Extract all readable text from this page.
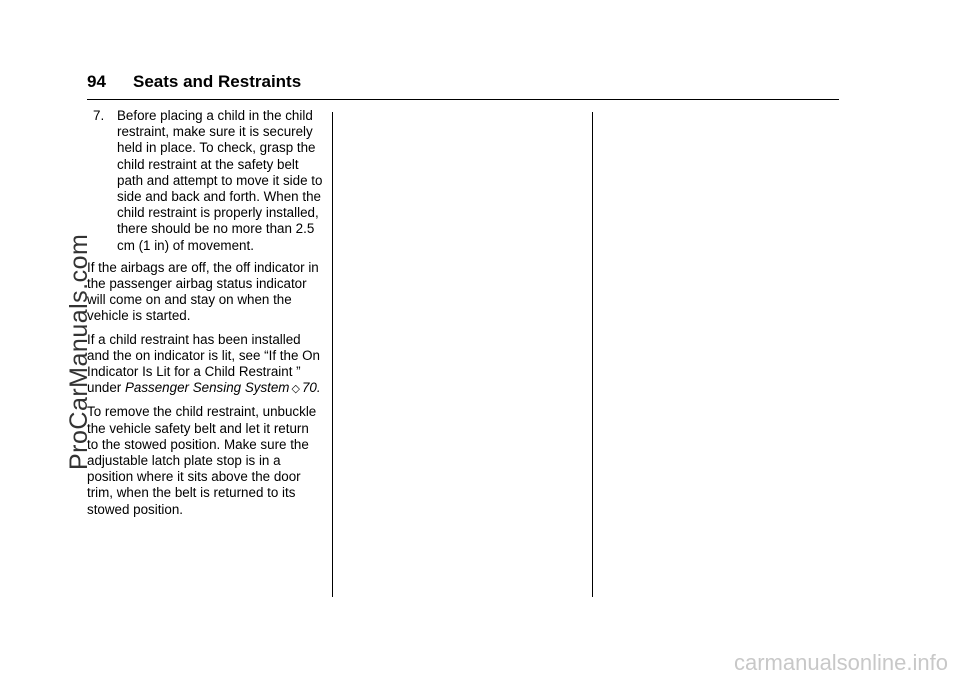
94 Seats and Restraints
7. Before placing a child in the child restraint, make sure it is securely held in place. To check, grasp the child restraint at the safety belt path and attempt to move it side to side and back and forth. When the child restraint is properly installed, there should be no more than 2.5 cm (1 in) of movement.

If the airbags are off, the off indicator in the passenger airbag status indicator will come on and stay on when the vehicle is started.

If a child restraint has been installed and the on indicator is lit, see “If the On Indicator Is Lit for a Child Restraint ” under Passenger Sensing System ◇ 70.

To remove the child restraint, unbuckle the vehicle safety belt and let it return to the stowed position. Make sure the adjustable latch plate stop is in a position where it sits above the door trim, when the belt is returned to its stowed position.

ProCarManuals.com
carmanualsonline.info
